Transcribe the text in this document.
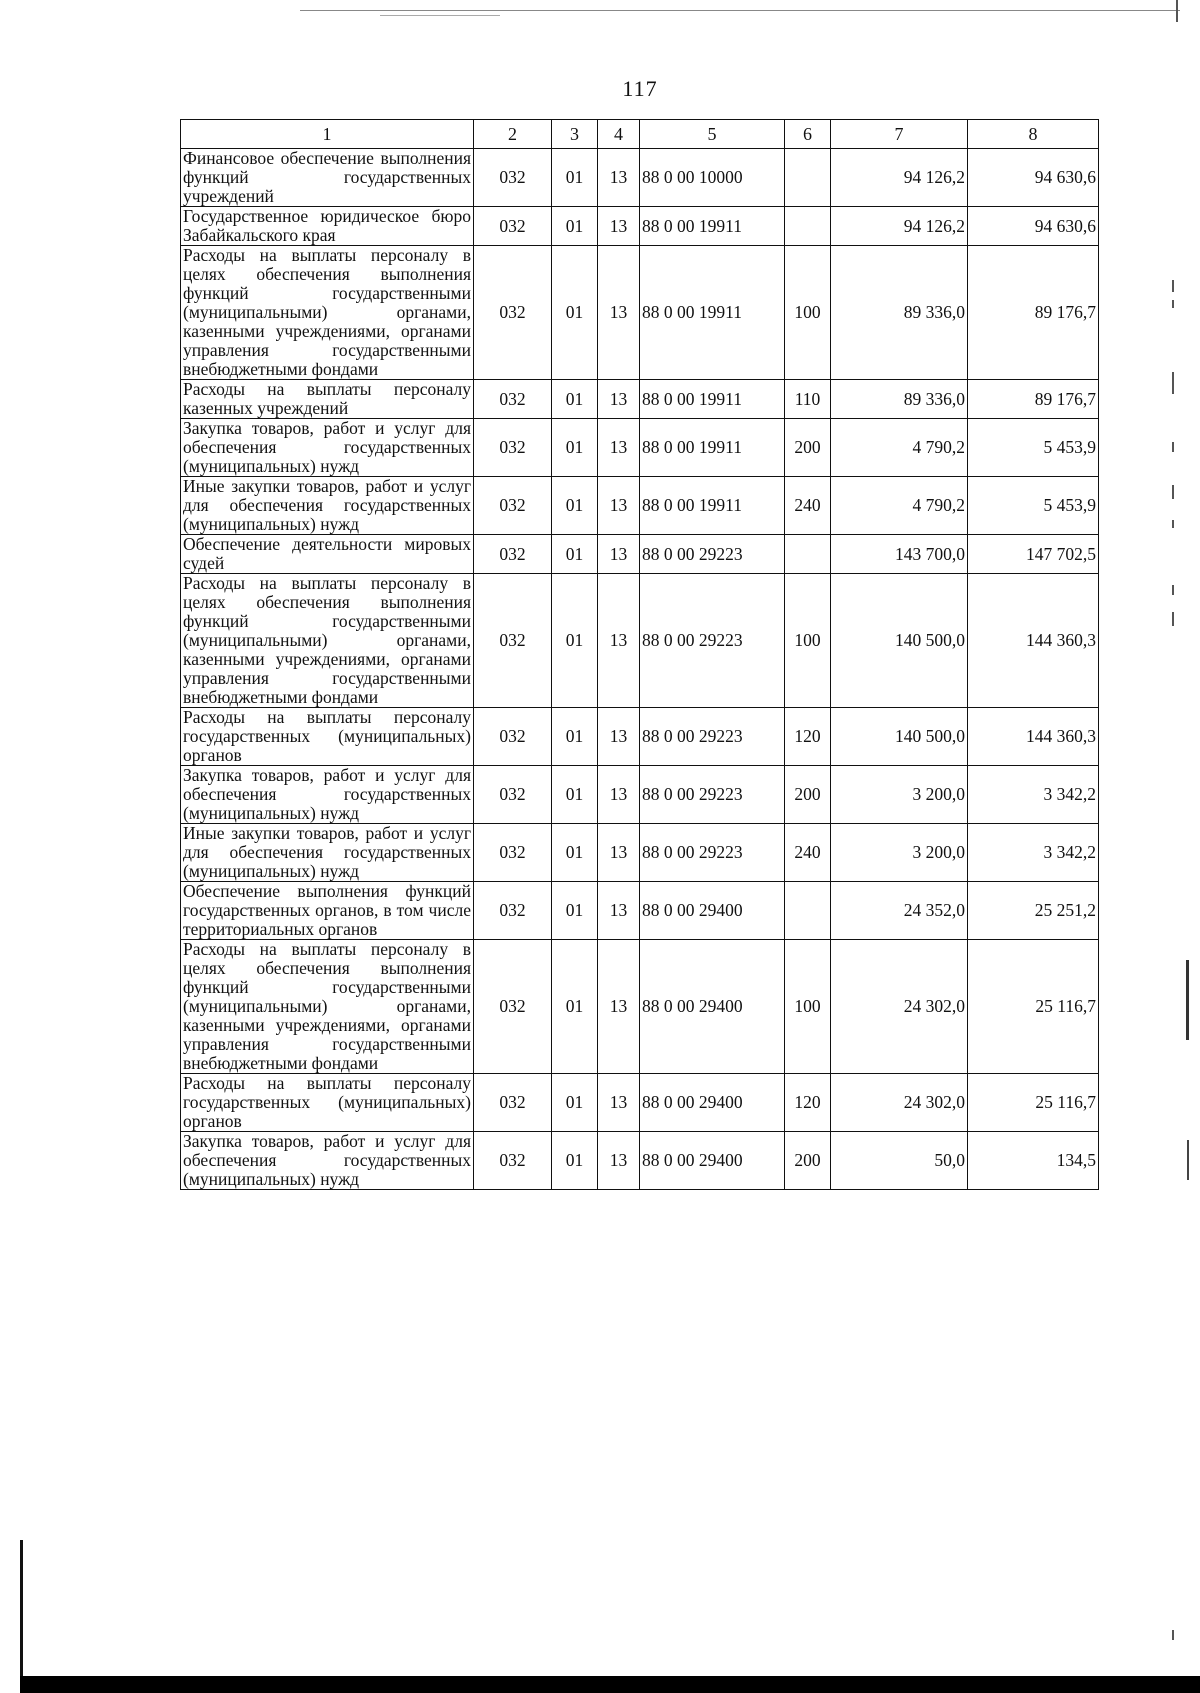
117
1	2	3	4	5	6	7	8
Финансовое обеспечение выполнения функций государственных учреждений	032	01	13	88 0 00 10000		94 126,2	94 630,6
Государственное юридическое бюро Забайкальского края	032	01	13	88 0 00 19911		94 126,2	94 630,6
Расходы на выплаты персоналу в целях обеспечения выполнения функций государственными (муниципальными) органами, казенными учреждениями, органами управления государственными внебюджетными фондами	032	01	13	88 0 00 19911	100	89 336,0	89 176,7
Расходы на выплаты персоналу казенных учреждений	032	01	13	88 0 00 19911	110	89 336,0	89 176,7
Закупка товаров, работ и услуг для обеспечения государственных (муниципальных) нужд	032	01	13	88 0 00 19911	200	4 790,2	5 453,9
Иные закупки товаров, работ и услуг для обеспечения государственных (муниципальных) нужд	032	01	13	88 0 00 19911	240	4 790,2	5 453,9
Обеспечение деятельности мировых судей	032	01	13	88 0 00 29223		143 700,0	147 702,5
Расходы на выплаты персоналу в целях обеспечения выполнения функций государственными (муниципальными) органами, казенными учреждениями, органами управления государственными внебюджетными фондами	032	01	13	88 0 00 29223	100	140 500,0	144 360,3
Расходы на выплаты персоналу государственных (муниципальных) органов	032	01	13	88 0 00 29223	120	140 500,0	144 360,3
Закупка товаров, работ и услуг для обеспечения государственных (муниципальных) нужд	032	01	13	88 0 00 29223	200	3 200,0	3 342,2
Иные закупки товаров, работ и услуг для обеспечения государственных (муниципальных) нужд	032	01	13	88 0 00 29223	240	3 200,0	3 342,2
Обеспечение выполнения функций государственных органов, в том числе территориальных органов	032	01	13	88 0 00 29400		24 352,0	25 251,2
Расходы на выплаты персоналу в целях обеспечения выполнения функций государственными (муниципальными) органами, казенными учреждениями, органами управления государственными внебюджетными фондами	032	01	13	88 0 00 29400	100	24 302,0	25 116,7
Расходы на выплаты персоналу государственных (муниципальных) органов	032	01	13	88 0 00 29400	120	24 302,0	25 116,7
Закупка товаров, работ и услуг для обеспечения государственных (муниципальных) нужд	032	01	13	88 0 00 29400	200	50,0	134,5
